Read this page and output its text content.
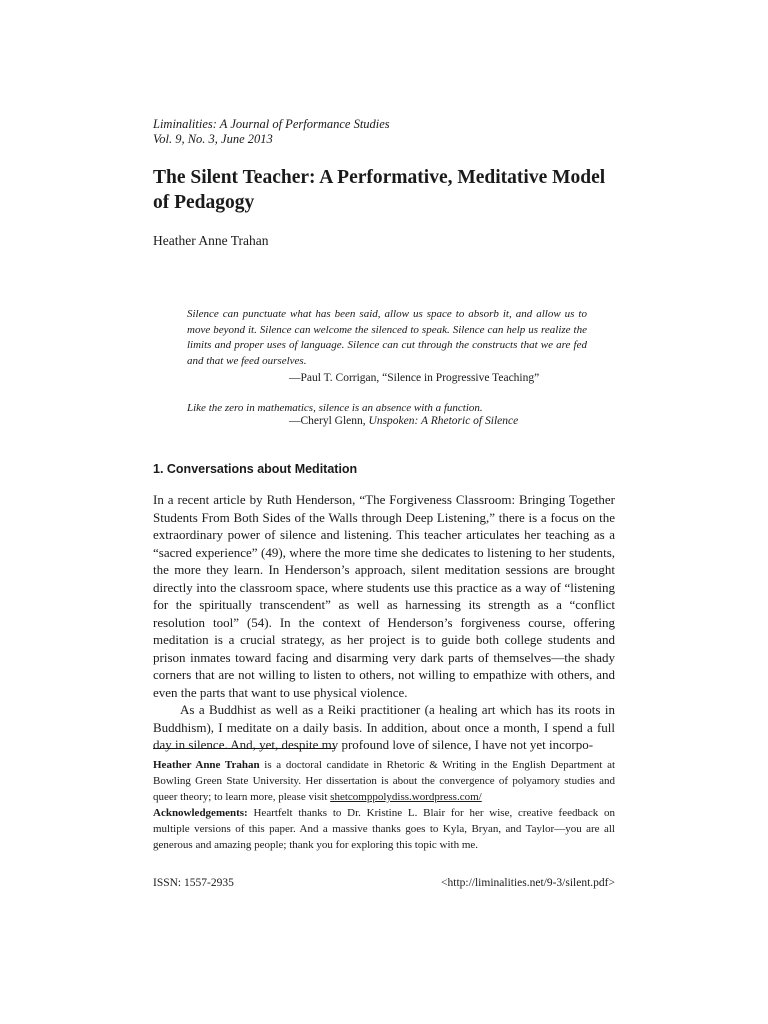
Liminalities: A Journal of Performance Studies
Vol. 9, No. 3, June 2013
The Silent Teacher: A Performative, Meditative Model of Pedagogy
Heather Anne Trahan
Silence can punctuate what has been said, allow us space to absorb it, and allow us to move beyond it. Silence can welcome the silenced to speak. Silence can help us realize the limits and proper uses of language. Silence can cut through the constructs that we are fed and that we feed ourselves.
—Paul T. Corrigan, “Silence in Progressive Teaching”
Like the zero in mathematics, silence is an absence with a function.
—Cheryl Glenn, Unspoken: A Rhetoric of Silence
1. Conversations about Meditation

In a recent article by Ruth Henderson, “The Forgiveness Classroom: Bringing Together Students From Both Sides of the Walls through Deep Listening,” there is a focus on the extraordinary power of silence and listening. This teacher articulates her teaching as a “sacred experience” (49), where the more time she dedicates to listening to her students, the more they learn. In Henderson’s approach, silent meditation sessions are brought directly into the classroom space, where students use this practice as a way of “listening for the spiritually transcendent” as well as harnessing its strength as a “conflict resolution tool” (54). In the context of Henderson’s forgiveness course, offering meditation is a crucial strategy, as her project is to guide both college students and prison inmates toward facing and disarming very dark parts of themselves—the shady corners that are not willing to listen to others, not willing to empathize with others, and even the parts that want to use physical violence.

As a Buddhist as well as a Reiki practitioner (a healing art which has its roots in Buddhism), I meditate on a daily basis. In addition, about once a month, I spend a full day in silence. And, yet, despite my profound love of silence, I have not yet incorpo-

Heather Anne Trahan is a doctoral candidate in Rhetoric & Writing in the English Department at Bowling Green State University. Her dissertation is about the convergence of polyamory studies and queer theory; to learn more, please visit shetcomppolydiss.wordpress.com/

Acknowledgements: Heartfelt thanks to Dr. Kristine L. Blair for her wise, creative feedback on multiple versions of this paper. And a massive thanks goes to Kyla, Bryan, and Taylor—you are all generous and amazing people; thank you for exploring this topic with me.

ISSN: 1557-2935	<http://liminalities.net/9-3/silent.pdf>
